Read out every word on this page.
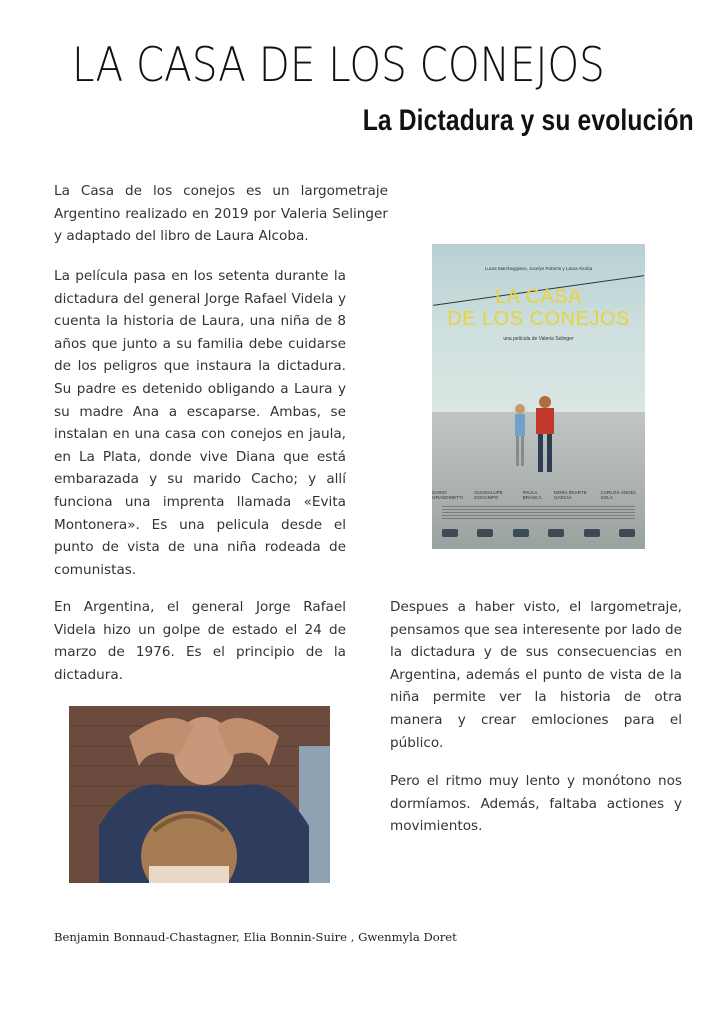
LA CASA DE LOS CONEJOS
La Dictadura y su evolución

La Casa de los conejos es un largometraje Argentino realizado en 2019 por Valeria Selinger y adaptado del libro de Laura Alcoba.

La película pasa en los setenta durante la dictadura del general Jorge Rafael Videla y cuenta la historia de Laura, una niña de 8 años que junto a su familia debe cuidarse de los peligros que instaura la dictadura. Su padre es detenido obligando a Laura y su madre Ana a escaparse. Ambas, se instalan en una casa con conejos en jaula, en La Plata, donde vive Diana que está embarazada y su marido Cacho; y allí funciona una imprenta llamada «Evita Montonera». Es una pelicula desde el punto de vista de una niña rodeada de comunistas.

En Argentina, el general Jorge Rafael Videla hizo un golpe de estado el 24 de marzo de 1976. Es el principio de la dictadura.

Despues a haber visto, el largometraje, pensamos que sea interesente por lado de la dictadura y de sus consecuencias en Argentina, además el punto de vista de la niña permite ver la historia de otra manera y crear emlociones para el público.

Pero el ritmo muy lento y monótono nos dormíamos. Además, faltaba actiones y movimientos.

Lucas Marcheggiano, Jocelyn Roberts y Laura Alcoba
LA CASA
DE LOS CONEJOS
una película de Valeria Selinger
DARIO GRANDINETTI
GUADALUPE DOCAMPO
PAULA BRASCA
MORA IRIARTE GARCIA
CARLOS ÁNGEL SOLA
Benjamin Bonnaud-Chastagner, Elia Bonnin-Suire , Gwenmyla Doret
